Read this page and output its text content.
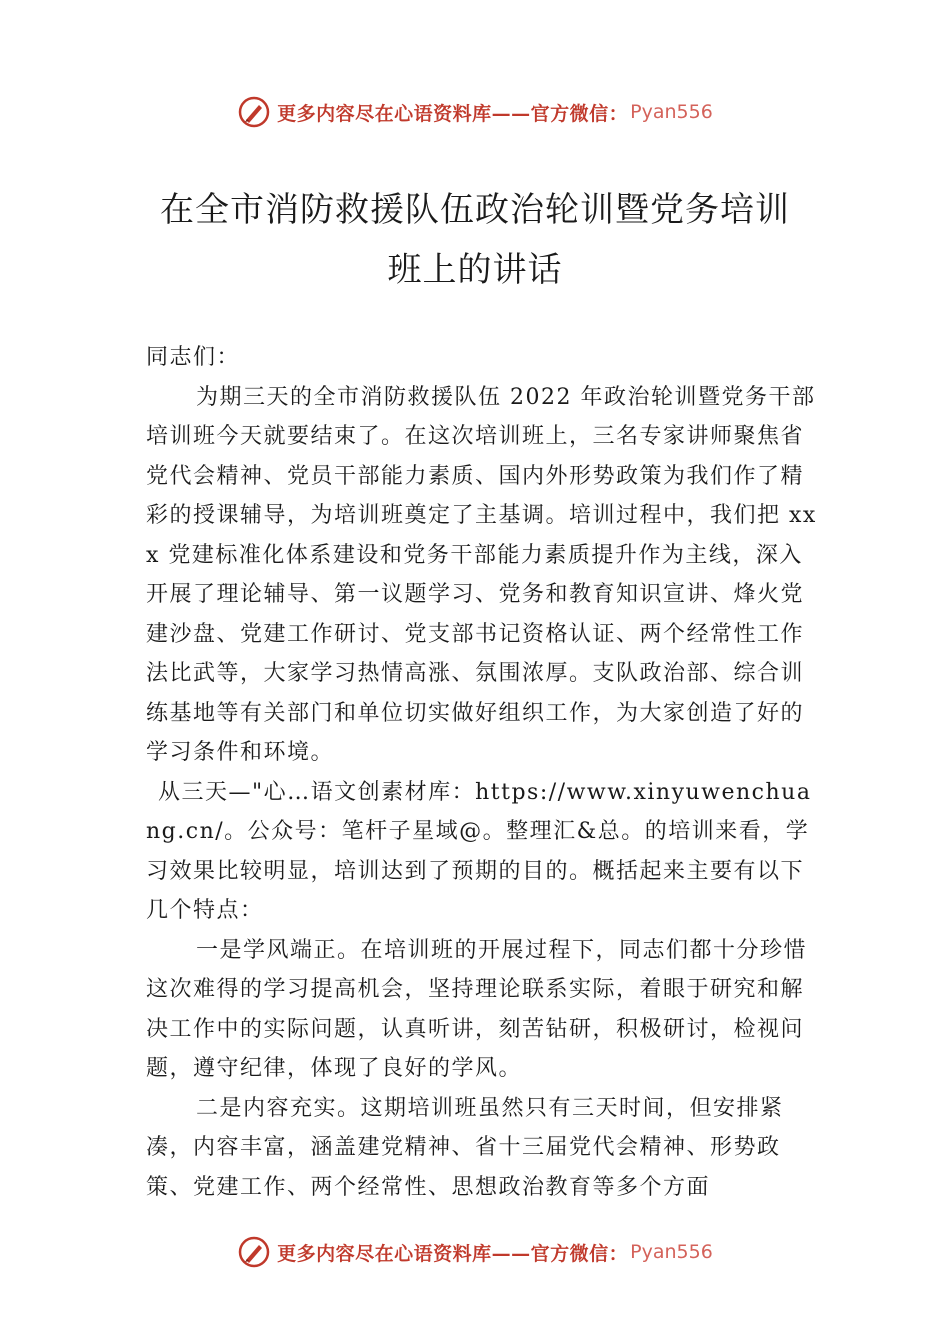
更多内容尽在心语资料库——官方微信： Pyan556
在全市消防救援队伍政治轮训暨党务培训
班上的讲话

同志们：

为期三天的全市消防救援队伍 2022 年政治轮训暨党务干部培训班今天就要结束了。在这次培训班上，三名专家讲师聚焦省党代会精神、党员干部能力素质、国内外形势政策为我们作了精彩的授课辅导，为培训班奠定了主基调。培训过程中，我们把 xxx 党建标准化体系建设和党务干部能力素质提升作为主线，深入开展了理论辅导、第一议题学习、党务和教育知识宣讲、烽火党建沙盘、党建工作研讨、党支部书记资格认证、两个经常性工作法比武等，大家学习热情高涨、氛围浓厚。支队政治部、综合训练基地等有关部门和单位切实做好组织工作，为大家创造了好的学习条件和环境。

从三天—"心…语文创素材库：https://www.xinyuwenchuang.cn/。公众号：笔杆子星域@。整理汇&总。的培训来看，学习效果比较明显，培训达到了预期的目的。概括起来主要有以下几个特点：

一是学风端正。在培训班的开展过程下，同志们都十分珍惜这次难得的学习提高机会，坚持理论联系实际，着眼于研究和解决工作中的实际问题，认真听讲，刻苦钻研，积极研讨，检视问题，遵守纪律，体现了良好的学风。

二是内容充实。这期培训班虽然只有三天时间，但安排紧凑，内容丰富，涵盖建党精神、省十三届党代会精神、形势政策、党建工作、两个经常性、思想政治教育等多个方面

更多内容尽在心语资料库——官方微信： Pyan556
